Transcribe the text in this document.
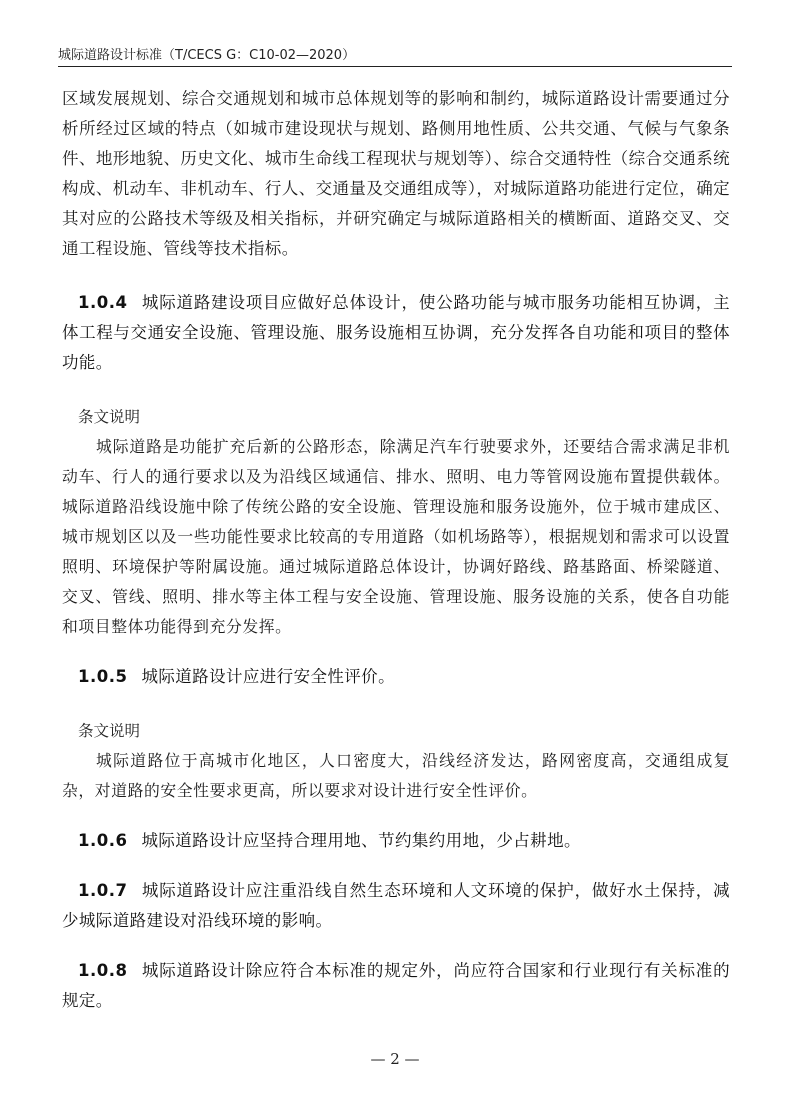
城际道路设计标准（T/CECS G：C10-02—2020）

区域发展规划、综合交通规划和城市总体规划等的影响和制约，城际道路设计需要通过分析所经过区域的特点（如城市建设现状与规划、路侧用地性质、公共交通、气候与气象条件、地形地貌、历史文化、城市生命线工程现状与规划等）、综合交通特性（综合交通系统构成、机动车、非机动车、行人、交通量及交通组成等），对城际道路功能进行定位，确定其对应的公路技术等级及相关指标，并研究确定与城际道路相关的横断面、道路交叉、交通工程设施、管线等技术指标。

1.0.4 城际道路建设项目应做好总体设计，使公路功能与城市服务功能相互协调，主体工程与交通安全设施、管理设施、服务设施相互协调，充分发挥各自功能和项目的整体功能。

条文说明

城际道路是功能扩充后新的公路形态，除满足汽车行驶要求外，还要结合需求满足非机动车、行人的通行要求以及为沿线区域通信、排水、照明、电力等管网设施布置提供载体。城际道路沿线设施中除了传统公路的安全设施、管理设施和服务设施外，位于城市建成区、城市规划区以及一些功能性要求比较高的专用道路（如机场路等），根据规划和需求可以设置照明、环境保护等附属设施。通过城际道路总体设计，协调好路线、路基路面、桥梁隧道、交叉、管线、照明、排水等主体工程与安全设施、管理设施、服务设施的关系，使各自功能和项目整体功能得到充分发挥。

1.0.5 城际道路设计应进行安全性评价。

条文说明

城际道路位于高城市化地区，人口密度大，沿线经济发达，路网密度高，交通组成复杂，对道路的安全性要求更高，所以要求对设计进行安全性评价。

1.0.6 城际道路设计应坚持合理用地、节约集约用地，少占耕地。

1.0.7 城际道路设计应注重沿线自然生态环境和人文环境的保护，做好水土保持，减少城际道路建设对沿线环境的影响。

1.0.8 城际道路设计除应符合本标准的规定外，尚应符合国家和行业现行有关标准的规定。

— 2 —
